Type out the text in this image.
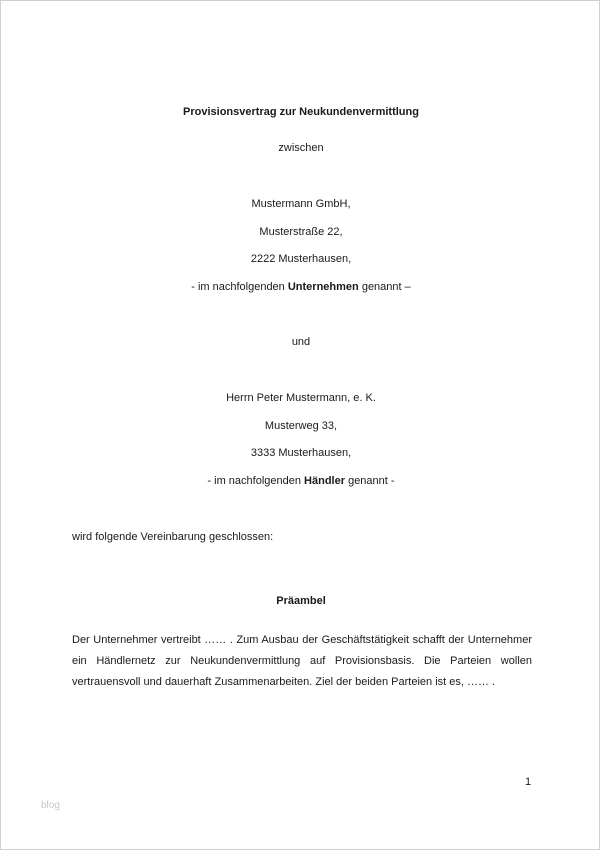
Provisionsvertrag zur Neukundenvermittlung
zwischen
Mustermann GmbH,
Musterstraße 22,
2222 Musterhausen,
- im nachfolgenden Unternehmen genannt –
und
Herrn Peter Mustermann, e. K.
Musterweg 33,
3333 Musterhausen,
- im nachfolgenden Händler genannt -
wird folgende Vereinbarung geschlossen:
Präambel
Der Unternehmer vertreibt …… . Zum Ausbau der Geschäftstätigkeit schafft der Unternehmer ein Händlernetz zur Neukundenvermittlung auf Provisionsbasis. Die Parteien wollen vertrauensvoll und dauerhaft Zusammenarbeiten. Ziel der beiden Parteien ist es, …… .
1
blog
